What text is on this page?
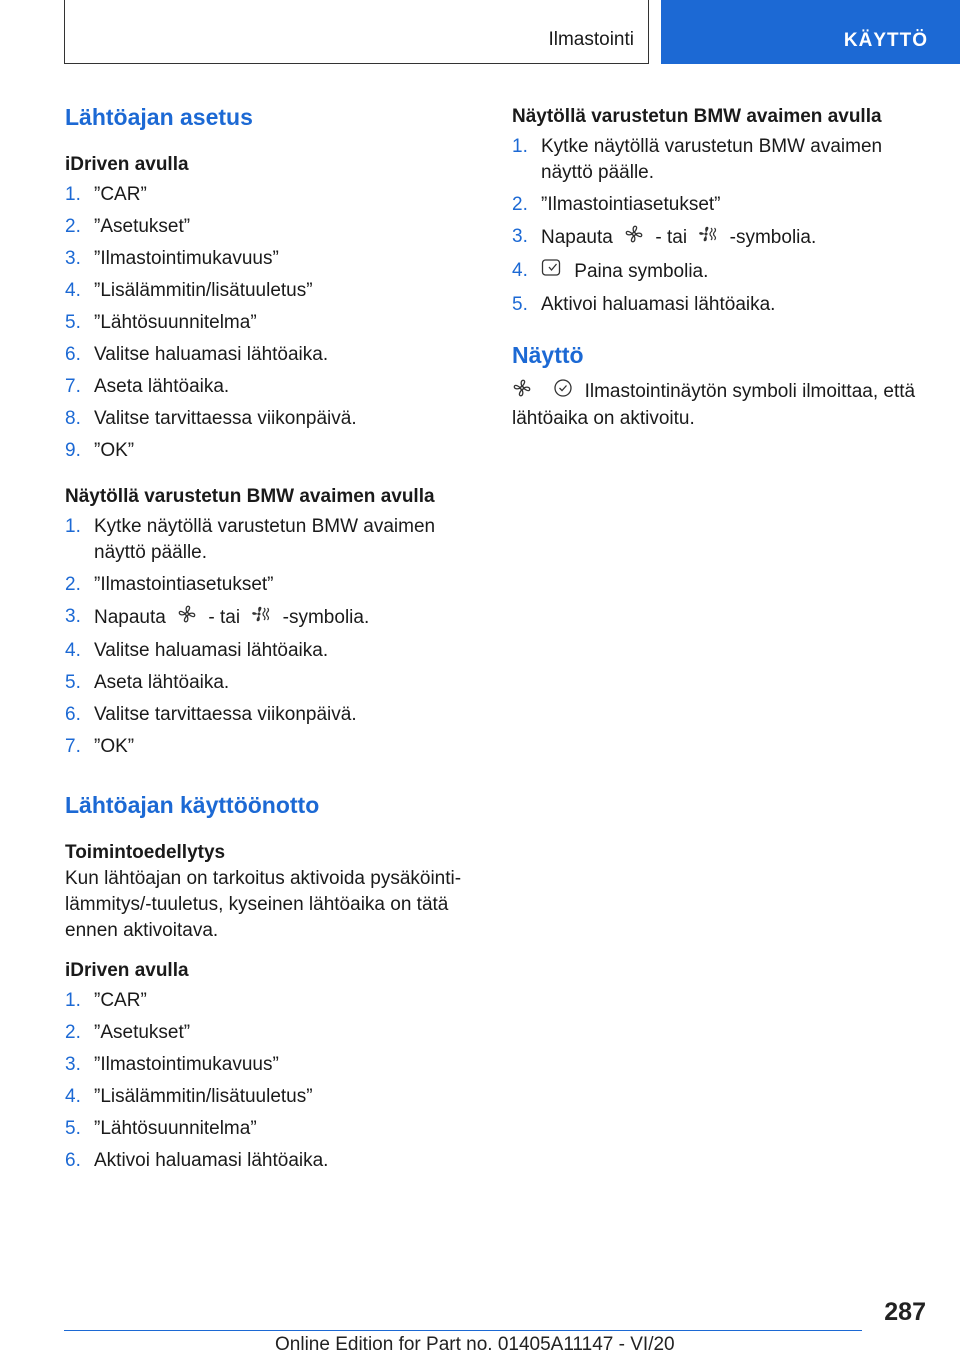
Ilmastointi	KÄYTTÖ
Lähtöajan asetus
iDriven avulla
1. ”CAR”
2. ”Asetukset”
3. ”Ilmastointimukavuus”
4. ”Lisälämmitin/lisätuuletus”
5. ”Lähtösuunnitelma”
6. Valitse haluamasi lähtöaika.
7. Aseta lähtöaika.
8. Valitse tarvittaessa viikonpäivä.
9. ”OK”
Näytöllä varustetun BMW avaimen avulla
1. Kytke näytöllä varustetun BMW avaimen näyttö päälle.
2. ”Ilmastointiasetukset”
3. Napauta - tai -symbolia.
4. Valitse haluamasi lähtöaika.
5. Aseta lähtöaika.
6. Valitse tarvittaessa viikonpäivä.
7. ”OK”
Lähtöajan käyttöönotto
Toimintoedellytys

Kun lähtöajan on tarkoitus aktivoida pysäköintilämmitys/-tuuletus, kyseinen lähtöaika on tätä ennen aktivoitava.

iDriven avulla
1. ”CAR”
2. ”Asetukset”
3. ”Ilmastointimukavuus”
4. ”Lisälämmitin/lisätuuletus”
5. ”Lähtösuunnitelma”
6. Aktivoi haluamasi lähtöaika.
Näytöllä varustetun BMW avaimen avulla
1. Kytke näytöllä varustetun BMW avaimen näyttö päälle.
2. ”Ilmastointiasetukset”
3. Napauta - tai -symbolia.
4. Paina symbolia.
5. Aktivoi haluamasi lähtöaika.
Näyttö

Ilmastointinäytön symboli ilmoittaa, että lähtöaika on aktivoitu.

287
Online Edition for Part no. 01405A11147 - VI/20
